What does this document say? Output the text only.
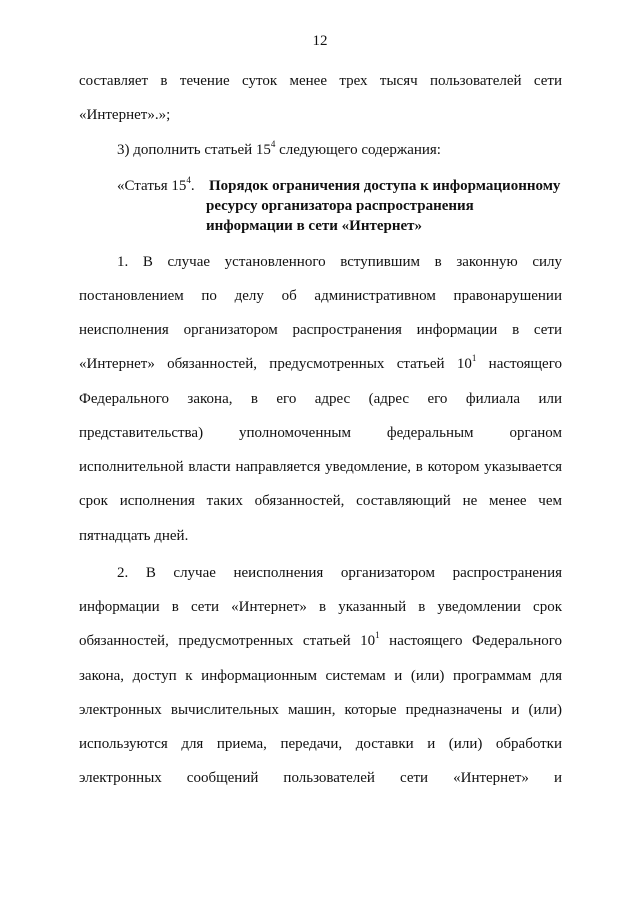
12
составляет в течение суток менее трех тысяч пользователей сети
«Интернет».»;
3) дополнить статьей $15^4$ следующего содержания:
«Статья $15^4$. Порядок ограничения доступа к информационному
ресурсу организатора распространения
информации в сети «Интернет»
1. В случае установленного вступившим в законную силу
постановлением по делу об административном правонарушении
неисполнения организатором распространения информации в сети
«Интернет» обязанностей, предусмотренных статьей $10^1$ настоящего
Федерального закона, в его адрес (адрес его филиала или
представительства) уполномоченным федеральным органом
исполнительной власти направляется уведомление, в котором указывается
срок исполнения таких обязанностей, составляющий не менее чем
пятнадцать дней.
2. В случае неисполнения организатором распространения
информации в сети «Интернет» в указанный в уведомлении срок
обязанностей, предусмотренных статьей $10^1$ настоящего Федерального
закона, доступ к информационным системам и (или) программам для
электронных вычислительных машин, которые предназначены и (или)
используются для приема, передачи, доставки и (или) обработки
электронных сообщений пользователей сети «Интернет» и
